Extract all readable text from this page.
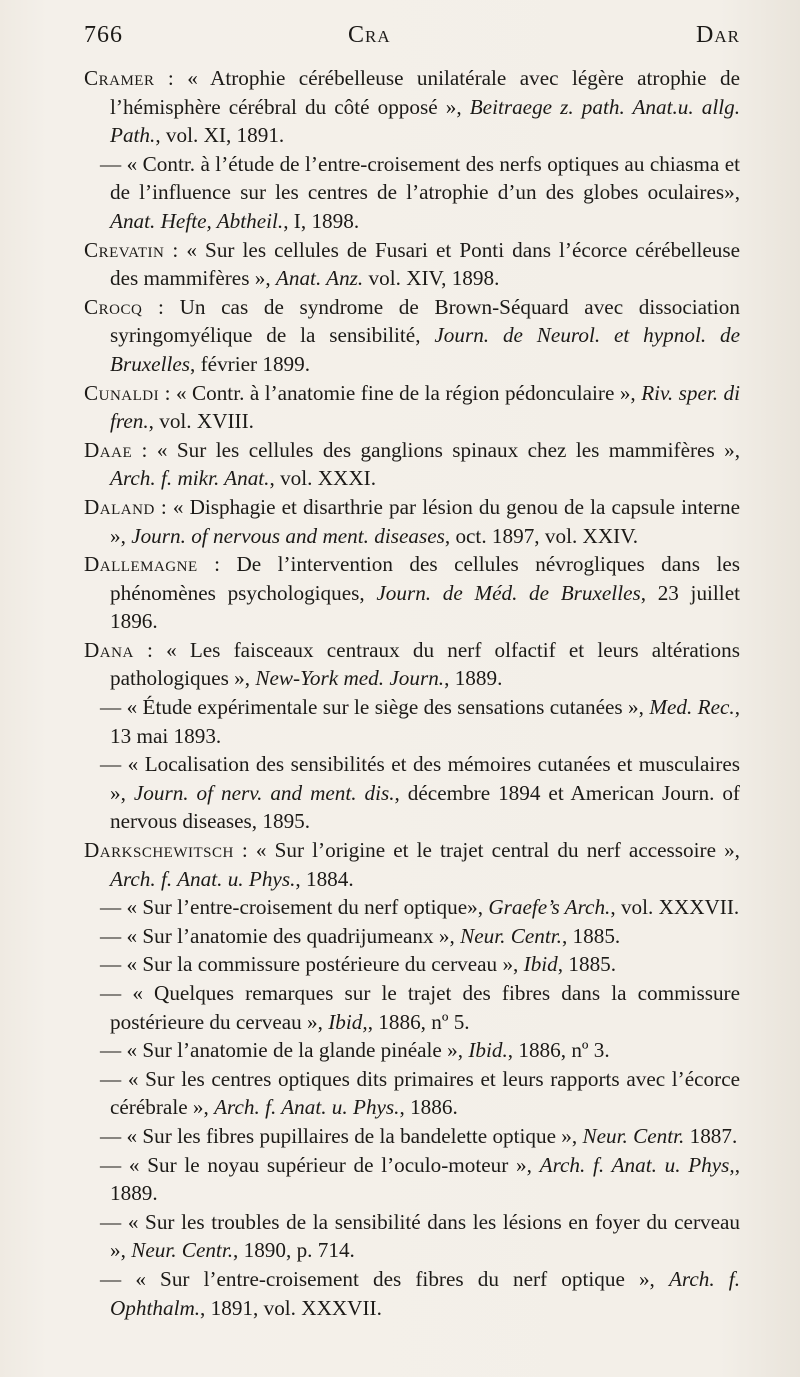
766	Cra	Dar

Cramer : « Atrophie cérébelleuse unilatérale avec légère atrophie de l’hémisphère cérébral du côté opposé », Beitraege z. path. Anat.u. allg. Path., vol. XI, 1891.

— « Contr. à l’étude de l’entre-croisement des nerfs optiques au chiasma et de l’influence sur les centres de l’atrophie d’un des globes oculaires», Anat. Hefte, Abtheil., I, 1898.

Crevatin : « Sur les cellules de Fusari et Ponti dans l’écorce cérébelleuse des mammifères », Anat. Anz. vol. XIV, 1898.

Crocq : Un cas de syndrome de Brown-Séquard avec dissociation syringomyélique de la sensibilité, Journ. de Neurol. et hypnol. de Bruxelles, février 1899.

Cunaldi : « Contr. à l’anatomie fine de la région pédonculaire », Riv. sper. di fren., vol. XVIII.

Daae : « Sur les cellules des ganglions spinaux chez les mammifères », Arch. f. mikr. Anat., vol. XXXI.

Daland : « Disphagie et disarthrie par lésion du genou de la capsule interne », Journ. of nervous and ment. diseases, oct. 1897, vol. XXIV.

Dallemagne : De l’intervention des cellules névrogliques dans les phénomènes psychologiques, Journ. de Méd. de Bruxelles, 23 juillet 1896.

Dana : « Les faisceaux centraux du nerf olfactif et leurs altérations pathologiques », New-York med. Journ., 1889.

— « Étude expérimentale sur le siège des sensations cutanées », Med. Rec., 13 mai 1893.

— « Localisation des sensibilités et des mémoires cutanées et musculaires », Journ. of nerv. and ment. dis., décembre 1894 et American Journ. of nervous diseases, 1895.

Darkschewitsch : « Sur l’origine et le trajet central du nerf accessoire », Arch. f. Anat. u. Phys., 1884.

— « Sur l’entre-croisement du nerf optique», Graefe’s Arch., vol. XXXVII.

— « Sur l’anatomie des quadrijumeanx », Neur. Centr., 1885.

— « Sur la commissure postérieure du cerveau », Ibid, 1885.

— « Quelques remarques sur le trajet des fibres dans la commissure postérieure du cerveau », Ibid,, 1886, nº 5.

— « Sur l’anatomie de la glande pinéale », Ibid., 1886, nº 3.

— « Sur les centres optiques dits primaires et leurs rapports avec l’écorce cérébrale », Arch. f. Anat. u. Phys., 1886.

— « Sur les fibres pupillaires de la bandelette optique », Neur. Centr. 1887.

— « Sur le noyau supérieur de l’oculo-moteur », Arch. f. Anat. u. Phys,, 1889.

— « Sur les troubles de la sensibilité dans les lésions en foyer du cerveau », Neur. Centr., 1890, p. 714.

— « Sur l’entre-croisement des fibres du nerf optique », Arch. f. Ophthalm., 1891, vol. XXXVII.
